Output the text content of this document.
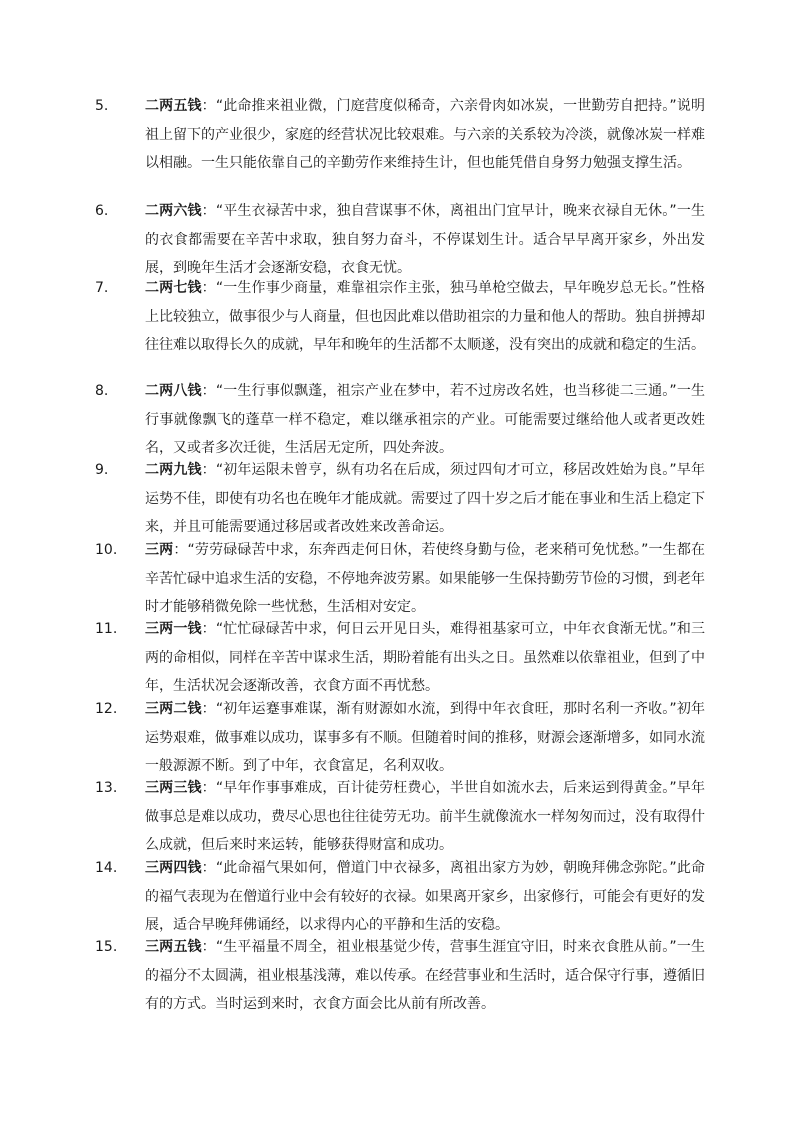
5.	二两五钱：“此命推来祖业微，门庭营度似稀奇，六亲骨肉如冰炭，一世勤劳自把持。”说明祖上留下的产业很少，家庭的经营状况比较艰难。与六亲的关系较为冷淡，就像冰炭一样难以相融。一生只能依靠自己的辛勤劳作来维持生计，但也能凭借自身努力勉强支撑生活。
6.	二两六钱：“平生衣禄苦中求，独自营谋事不休，离祖出门宜早计，晚来衣禄自无休。”一生的衣食都需要在辛苦中求取，独自努力奋斗，不停谋划生计。适合早早离开家乡，外出发展，到晚年生活才会逐渐安稳，衣食无忧。
7.	二两七钱：“一生作事少商量，难靠祖宗作主张，独马单枪空做去，早年晚岁总无长。”性格上比较独立，做事很少与人商量，但也因此难以借助祖宗的力量和他人的帮助。独自拼搏却往往难以取得长久的成就，早年和晚年的生活都不太顺遂，没有突出的成就和稳定的生活。
8.	二两八钱：“一生行事似飘蓬，祖宗产业在梦中，若不过房改名姓，也当移徙二三通。”一生行事就像飘飞的蓬草一样不稳定，难以继承祖宗的产业。可能需要过继给他人或者更改姓名，又或者多次迁徙，生活居无定所，四处奔波。
9.	二两九钱：“初年运限未曾亨，纵有功名在后成，须过四旬才可立，移居改姓始为良。”早年运势不佳，即使有功名也在晚年才能成就。需要过了四十岁之后才能在事业和生活上稳定下来，并且可能需要通过移居或者改姓来改善命运。
10. 三两：“劳劳碌碌苦中求，东奔西走何日休，若使终身勤与俭，老来稍可免忧愁。”一生都在辛苦忙碌中追求生活的安稳，不停地奔波劳累。如果能够一生保持勤劳节俭的习惯，到老年时才能够稍微免除一些忧愁，生活相对安定。
11. 三两一钱：“忙忙碌碌苦中求，何日云开见日头，难得祖基家可立，中年衣食渐无忧。”和三两的命相似，同样在辛苦中谋求生活，期盼着能有出头之日。虽然难以依靠祖业，但到了中年，生活状况会逐渐改善，衣食方面不再忧愁。
12. 三两二钱：“初年运蹇事难谋，渐有财源如水流，到得中年衣食旺，那时名利一齐收。”初年运势艰难，做事难以成功，谋事多有不顺。但随着时间的推移，财源会逐渐增多，如同水流一般源源不断。到了中年，衣食富足，名利双收。
13. 三两三钱：“早年作事事难成，百计徒劳枉费心，半世自如流水去，后来运到得黄金。”早年做事总是难以成功，费尽心思也往往徒劳无功。前半生就像流水一样匆匆而过，没有取得什么成就，但后来时来运转，能够获得财富和成功。
14. 三两四钱：“此命福气果如何，僧道门中衣禄多，离祖出家方为妙，朝晚拜佛念弥陀。”此命的福气表现为在僧道行业中会有较好的衣禄。如果离开家乡，出家修行，可能会有更好的发展，适合早晚拜佛诵经，以求得内心的平静和生活的安稳。
15. 三两五钱：“生平福量不周全，祖业根基觉少传，营事生涯宜守旧，时来衣食胜从前。”一生的福分不太圆满，祖业根基浅薄，难以传承。在经营事业和生活时，适合保守行事，遵循旧有的方式。当时运到来时，衣食方面会比从前有所改善。
